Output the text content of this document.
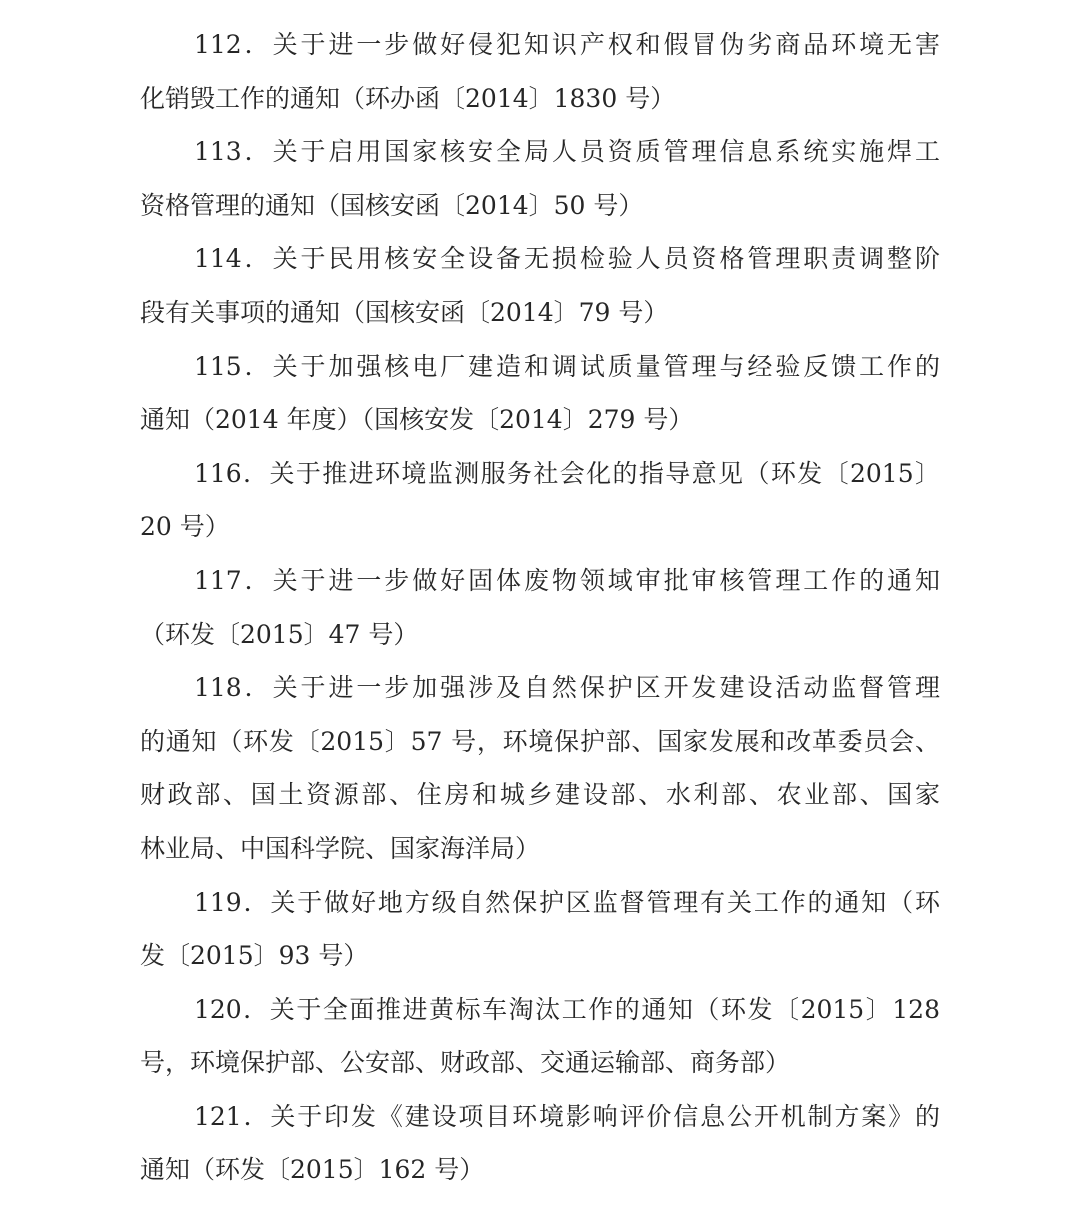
112．关于进一步做好侵犯知识产权和假冒伪劣商品环境无害
化销毁工作的通知（环办函〔2014〕1830 号）
113．关于启用国家核安全局人员资质管理信息系统实施焊工
资格管理的通知（国核安函〔2014〕50 号）
114．关于民用核安全设备无损检验人员资格管理职责调整阶
段有关事项的通知（国核安函〔2014〕79 号）
115．关于加强核电厂建造和调试质量管理与经验反馈工作的
通知（2014 年度）（国核安发〔2014〕279 号）
116．关于推进环境监测服务社会化的指导意见（环发〔2015〕
20 号）
117．关于进一步做好固体废物领域审批审核管理工作的通知
（环发〔2015〕47 号）
118．关于进一步加强涉及自然保护区开发建设活动监督管理
的通知（环发〔2015〕57 号，环境保护部、国家发展和改革委员会、
财政部、国土资源部、住房和城乡建设部、水利部、农业部、国家
林业局、中国科学院、国家海洋局）
119．关于做好地方级自然保护区监督管理有关工作的通知（环
发〔2015〕93 号）
120．关于全面推进黄标车淘汰工作的通知（环发〔2015〕128
号，环境保护部、公安部、财政部、交通运输部、商务部）
121．关于印发《建设项目环境影响评价信息公开机制方案》的
通知（环发〔2015〕162 号）
